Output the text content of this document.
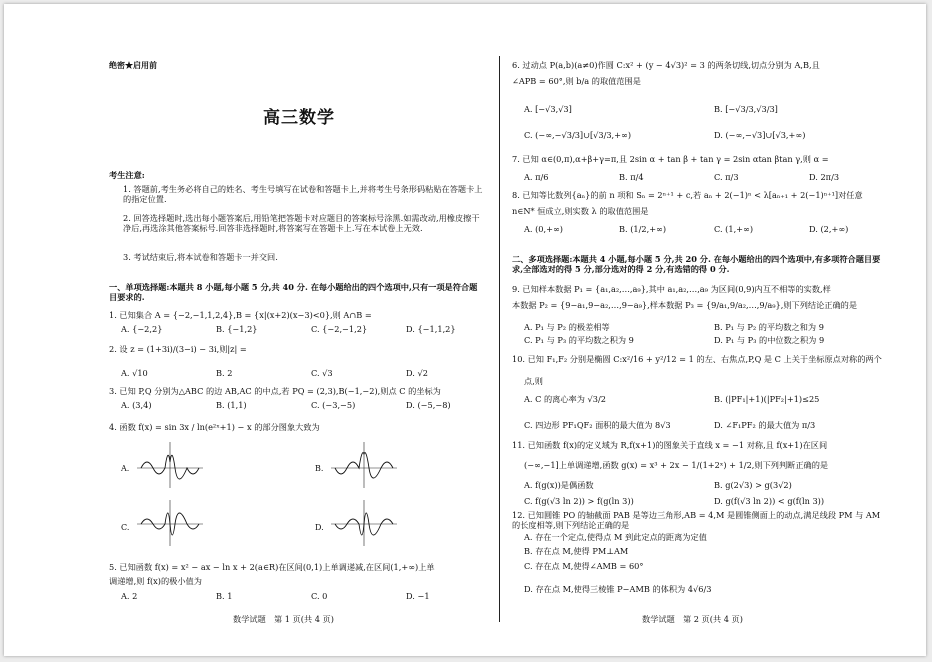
绝密★启用前
高三数学
考生注意:
1. 答题前,考生务必将自己的姓名、考生号填写在试卷和答题卡上,并将考生号条形码粘贴在答题卡上的指定位置.
2. 回答选择题时,选出每小题答案后,用铅笔把答题卡对应题目的答案标号涂黑.如需改动,用橡皮擦干净后,再选涂其他答案标号.回答非选择题时,将答案写在答题卡上.写在本试卷上无效.
3. 考试结束后,将本试卷和答题卡一并交回.
一、单项选择题:本题共 8 小题,每小题 5 分,共 40 分. 在每小题给出的四个选项中,只有一项是符合题目要求的.
1. 已知集合 A = {−2,−1,1,2,4},B = {x|(x+2)(x−3)<0},则 A∩B =
A. {−2,2}	B. {−1,2}	C. {−2,−1,2}	D. {−1,1,2}
2. 设 z = (1+3i)/(3−i) − 3i,则|z| =
A. √10	B. 2	C. √3	D. √2
3. 已知 P,Q 分别为△ABC 的边 AB,AC 的中点,若 PQ = (2,3),B(−1,−2),则点 C 的坐标为
A. (3,4)	B. (1,1)	C. (−3,−5)	D. (−5,−8)
4. 函数 f(x) = sin 3x / ln(e²ˣ+1) − x 的部分图象大致为
A.	B.
C.	D.
5. 已知函数 f(x) = x² − ax − ln x + 2(a∈R)在区间(0,1)上单调递减,在区间(1,+∞)上单
调递增,则 f(x)的极小值为
A. 2	B. 1	C. 0	D. −1
数学试题　第 1 页(共 4 页)
6. 过动点 P(a,b)(a≠0)作圆 C:x² + (y − 4√3)² = 3 的两条切线,切点分别为 A,B,且
∠APB = 60°,则 b/a 的取值范围是
A. [−√3,√3]	B. [−√3/3,√3/3]
C. (−∞,−√3/3]∪[√3/3,+∞)	D. (−∞,−√3]∪[√3,+∞)
7. 已知 α∈(0,π),α+β+γ=π,且 2sin α + tan β + tan γ = 2sin αtan βtan γ,则 α =
A. π/6	B. π/4	C. π/3	D. 2π/3
8. 已知等比数列{aₙ}的前 n 项和 Sₙ = 2ⁿ⁺¹ + c,若 aₙ + 2(−1)ⁿ < λ[aₙ₊₁ + 2(−1)ⁿ⁺¹]对任意
n∈N* 恒成立,则实数 λ 的取值范围是
A. (0,+∞)	B. (1/2,+∞)	C. (1,+∞)	D. (2,+∞)
二、多项选择题:本题共 4 小题,每小题 5 分,共 20 分. 在每小题给出的四个选项中,有多项符合题目要求,全部选对的得 5 分,部分选对的得 2 分,有选错的得 0 分.
9. 已知样本数据 P₁ = {a₁,a₂,…,a₉},其中 a₁,a₂,…,a₉ 为区间(0,9)内互不相等的实数,样
本数据 P₂ = {9−a₁,9−a₂,…,9−a₉},样本数据 P₃ = {9/a₁,9/a₂,…,9/a₉},则下列结论正确的是
A. P₁ 与 P₂ 的极差相等	B. P₁ 与 P₂ 的平均数之和为 9
C. P₁ 与 P₃ 的平均数之积为 9	D. P₁ 与 P₃ 的中位数之积为 9
10. 已知 F₁,F₂ 分别是椭圆 C:x²/16 + y²/12 = 1 的左、右焦点,P,Q 是 C 上关于坐标原点对称的两个
点,则
A. C 的离心率为 √3/2	B. (|PF₁|+1)(|PF₂|+1)≤25
C. 四边形 PF₁QF₂ 面积的最大值为 8√3	D. ∠F₁PF₂ 的最大值为 π/3
11. 已知函数 f(x)的定义域为 R,f(x+1)的图象关于直线 x = −1 对称,且 f(x+1)在区间
(−∞,−1]上单调递增,函数 g(x) = x³ + 2x − 1/(1+2ˣ) + 1/2,则下列判断正确的是
A. f(g(x))是偶函数	B. g(2√3) > g(3√2)
C. f(g(√3 ln 2)) > f(g(ln 3))	D. g(f(√3 ln 2)) < g(f(ln 3))
12. 已知圆锥 PO 的轴截面 PAB 是等边三角形,AB = 4,M 是圆锥侧面上的动点,满足线段 PM 与 AM 的长度相等,则下列结论正确的是
A. 存在一个定点,使得点 M 到此定点的距离为定值
B. 存在点 M,使得 PM⊥AM
C. 存在点 M,使得∠AMB = 60°
D. 存在点 M,使得三棱锥 P−AMB 的体积为 4√6/3
数学试题　第 2 页(共 4 页)
